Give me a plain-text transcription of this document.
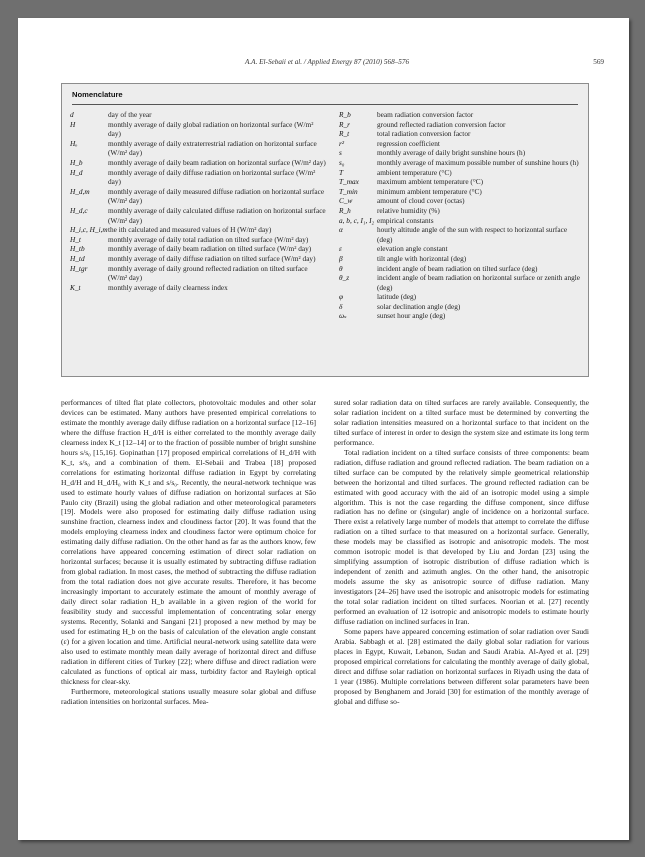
A.A. El-Sebaii et al. / Applied Energy 87 (2010) 568–576	569
Nomenclature
d	day of the year
H	monthly average of daily global radiation on horizontal surface (W/m² day)
Hₒ	monthly average of daily extraterrestrial radiation on horizontal surface (W/m² day)
H_b	monthly average of daily beam radiation on horizontal surface (W/m² day)
H_d	monthly average of daily diffuse radiation on horizontal surface (W/m² day)
H_d,m	monthly average of daily measured diffuse radiation on horizontal surface (W/m² day)
H_d,c	monthly average of daily calculated diffuse radiation on horizontal surface (W/m² day)
H_i,c, H_i,m the ith calculated and measured values of H (W/m² day)
H_t	monthly average of daily total radiation on tilted surface (W/m² day)
H_tb	monthly average of daily beam radiation on tilted surface (W/m² day)
H_td	monthly average of daily diffuse radiation on tilted surface (W/m² day)
H_tgr	monthly average of daily ground reflected radiation on tilted surface (W/m² day)
K_t	monthly average of daily clearness index
R_b	beam radiation conversion factor
R_r	ground reflected radiation conversion factor
R_t	total radiation conversion factor
r²	regression coefficient
s	monthly average of daily bright sunshine hours (h)
s₀	monthly average of maximum possible number of sunshine hours (h)
T	ambient temperature (°C)
T_max	maximum ambient temperature (°C)
T_min	minimum ambient temperature (°C)
C_w	amount of cloud cover (octas)
R_h	relative humidity (%)
a, b, c, I₁, I₂ empirical constants
α	hourly altitude angle of the sun with respect to horizontal surface (deg)
ε	elevation angle constant
β	tilt angle with horizontal (deg)
θ	incident angle of beam radiation on tilted surface (deg)
θ_z	incident angle of beam radiation on horizontal surface or zenith angle (deg)
φ	latitude (deg)
δ	solar declination angle (deg)
ωₛ	sunset hour angle (deg)

performances of tilted flat plate collectors, photovoltaic modules and other solar devices can be estimated. Many authors have presented empirical correlations to estimate the monthly average daily diffuse radiation on a horizontal surface [12–16] where the diffuse fraction H_d/H is either correlated to the monthly average daily clearness index K_t [12–14] or to the fraction of possible number of bright sunshine hours s/s₀ [15,16]. Gopinathan [17] proposed empirical correlations of H_d/H with K_t, s/s₀ and a combination of them. El-Sebaii and Trabea [18] proposed correlations for estimating horizontal diffuse radiation in Egypt by correlating H_d/H and H_d/H₀ with K_t and s/s₀. Recently, the neural-network technique was used to estimate hourly values of diffuse radiation on horizontal surfaces at São Paulo city (Brazil) using the global radiation and other meteorological parameters [19]. Models were also proposed for estimating daily diffuse radiation using sunshine fraction, clearness index and cloudiness factor [20]. It was found that the models employing clearness index and cloudiness factor were optimum choice for estimating daily diffuse radiation. On the other hand as far as the authors know, few correlations have appeared concerning estimation of direct solar radiation on horizontal surfaces; because it is usually estimated by subtracting diffuse radiation from global radiation. In most cases, the method of subtracting the diffuse radiation from the total radiation does not give accurate results. Therefore, it has become increasingly important to accurately estimate the amount of monthly average of daily direct solar radiation H_b available in a given region of the world for feasibility study and successful implementation of concentrating solar energy systems. Recently, Solanki and Sangani [21] proposed a new method by may be used for estimating H_b on the basis of calculation of the elevation angle constant (ε) for a given location and time. Artificial neural-network using satellite data were also used to estimate monthly mean daily average of horizontal direct and diffuse radiation in different cities of Turkey [22]; where diffuse and direct radiation were calculated as functions of optical air mass, turbidity factor and Rayleigh optical thickness for clear-sky.

Furthermore, meteorological stations usually measure solar global and diffuse radiation intensities on horizontal surfaces. Mea-

sured solar radiation data on tilted surfaces are rarely available. Consequently, the solar radiation incident on a tilted surface must be determined by converting the solar radiation intensities measured on a horizontal surface to that incident on the tilted surface of interest in order to design the system size and estimate its long term performance.

Total radiation incident on a tilted surface consists of three components: beam radiation, diffuse radiation and ground reflected radiation. The beam radiation on a tilted surface can be computed by the relatively simple geometrical relationship between the horizontal and tilted surfaces. The ground reflected radiation can be estimated with good accuracy with the aid of an isotropic model using a simple algorithm. This is not the case regarding the diffuse component, since diffuse radiation has no define or (singular) angle of incidence on a horizontal surface. There exist a relatively large number of models that attempt to correlate the diffuse radiation on a tilted surface to that measured on a horizontal surface. Generally, these models may be classified as isotropic and anisotropic models. The most common isotropic model is that developed by Liu and Jordan [23] using the simplifying assumption of isotropic distribution of diffuse radiation which is independent of zenith and azimuth angles. On the other hand, the anisotropic models assume the sky as anisotropic source of diffuse radiation. Many investigators [24–26] have used the isotropic and anisotropic models for estimating the total solar radiation incident on tilted surfaces. Noorian et al. [27] recently performed an evaluation of 12 isotropic and anisotropic models to estimate hourly diffuse radiation on inclined surfaces in Iran.

Some papers have appeared concerning estimation of solar radiation over Saudi Arabia. Sabbagh et al. [28] estimated the daily global solar radiation for various places in Egypt, Kuwait, Lebanon, Sudan and Saudi Arabia. Al-Ayed et al. [29] proposed empirical correlations for calculating the monthly average of daily global, direct and diffuse solar radiation on horizontal surfaces in Riyadh using the data of 1 year (1986). Multiple correlations between different solar parameters have been proposed by Benghanem and Joraid [30] for estimation of the monthly average of global and diffuse so-
